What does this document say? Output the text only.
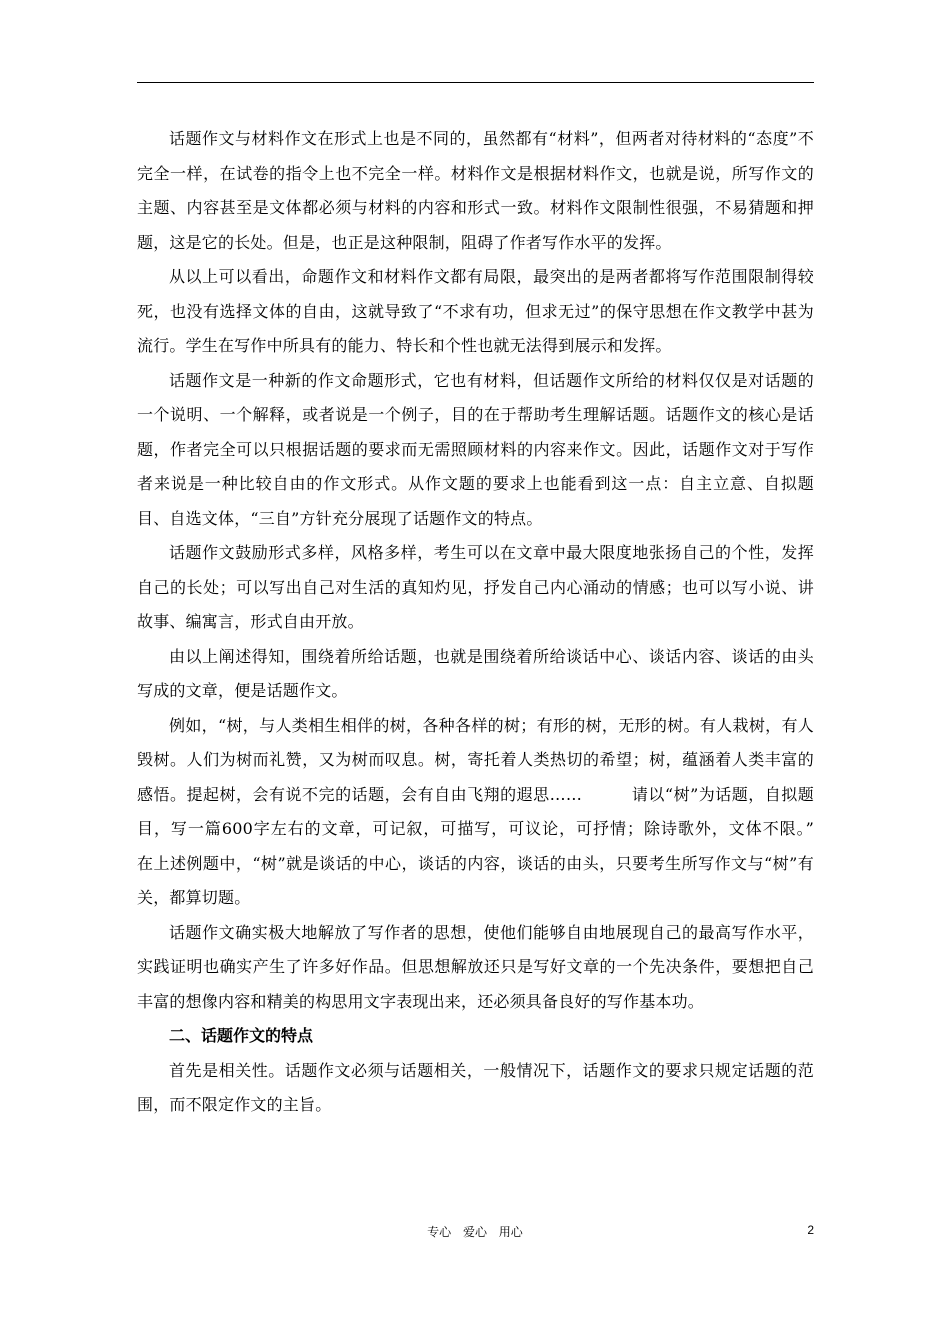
话题作文与材料作文在形式上也是不同的，虽然都有“材料”，但两者对待材料的“态度”不完全一样，在试卷的指令上也不完全一样。材料作文是根据材料作文，也就是说，所写作文的主题、内容甚至是文体都必须与材料的内容和形式一致。材料作文限制性很强，不易猜题和押题，这是它的长处。但是，也正是这种限制，阻碍了作者写作水平的发挥。

从以上可以看出，命题作文和材料作文都有局限，最突出的是两者都将写作范围限制得较死，也没有选择文体的自由，这就导致了“不求有功，但求无过”的保守思想在作文教学中甚为流行。学生在写作中所具有的能力、特长和个性也就无法得到展示和发挥。

话题作文是一种新的作文命题形式，它也有材料，但话题作文所给的材料仅仅是对话题的一个说明、一个解释，或者说是一个例子，目的在于帮助考生理解话题。话题作文的核心是话题，作者完全可以只根据话题的要求而无需照顾材料的内容来作文。因此，话题作文对于写作者来说是一种比较自由的作文形式。从作文题的要求上也能看到这一点：自主立意、自拟题目、自选文体，“三自”方针充分展现了话题作文的特点。

话题作文鼓励形式多样，风格多样，考生可以在文章中最大限度地张扬自己的个性，发挥自己的长处；可以写出自己对生活的真知灼见，抒发自己内心涌动的情感；也可以写小说、讲故事、编寓言，形式自由开放。

由以上阐述得知，围绕着所给话题，也就是围绕着所给谈话中心、谈话内容、谈话的由头写成的文章，便是话题作文。

例如，“树，与人类相生相伴的树，各种各样的树；有形的树，无形的树。有人栽树，有人毁树。人们为树而礼赞，又为树而叹息。树，寄托着人类热切的希望；树，蕴涵着人类丰富的感悟。提起树，会有说不完的话题，会有自由飞翔的遐思……　　　请以“树”为话题，自拟题目，写一篇600字左右的文章，可记叙，可描写，可议论，可抒情；除诗歌外，文体不限。”　在上述例题中，“树”就是谈话的中心，谈话的内容，谈话的由头，只要考生所写作文与“树”有关，都算切题。

话题作文确实极大地解放了写作者的思想，使他们能够自由地展现自己的最高写作水平，实践证明也确实产生了许多好作品。但思想解放还只是写好文章的一个先决条件，要想把自己丰富的想像内容和精美的构思用文字表现出来，还必须具备良好的写作基本功。

二、话题作文的特点

首先是相关性。话题作文必须与话题相关，一般情况下，话题作文的要求只规定话题的范围，而不限定作文的主旨。

专心 爱心 用心	2
